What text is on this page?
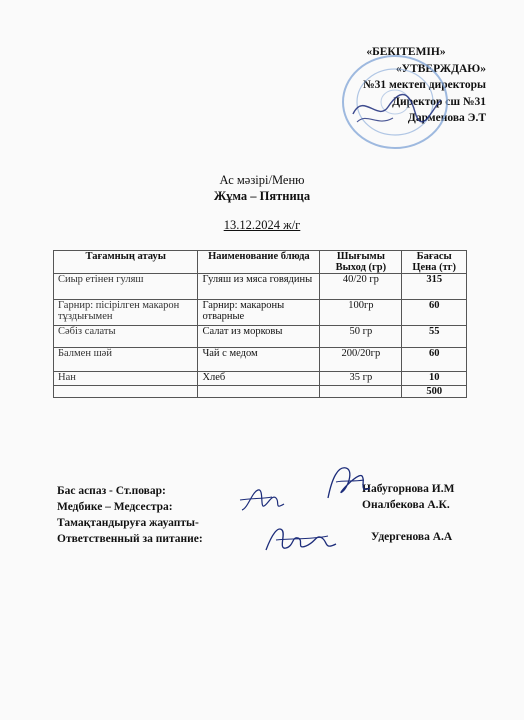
«БЕКІТЕМІН»
«УТВЕРЖДАЮ»
№31 мектеп директоры
Директор сш №31
Дарменова Э.Т
Ас мәзірі/Меню
Жұма – Пятница
13.12.2024 ж/г
Тағамның атауы	Наименование блюда	Шығымы	Бағасы
		Выход (гр)	Цена (тг)
Сиыр етінен гуляш	Гуляш из мяса говядины	40/20 гр	315
Гарнир: пісірілген макарон тұздығымен	Гарнир: макароны отварные	100гр	60
Сәбіз салаты	Салат из морковы	50 гр	55
Балмен шәй	Чай с медом	200/20гр	60
Нан	Хлеб	35 гр	10
			500
Бас аспаз - Ст.повар:
Медбике – Медсестра:
Тамақтандыруға жауапты-
Ответственный за питание:
Набугорнова И.М
Оналбекова А.К.
Удергенова А.А
